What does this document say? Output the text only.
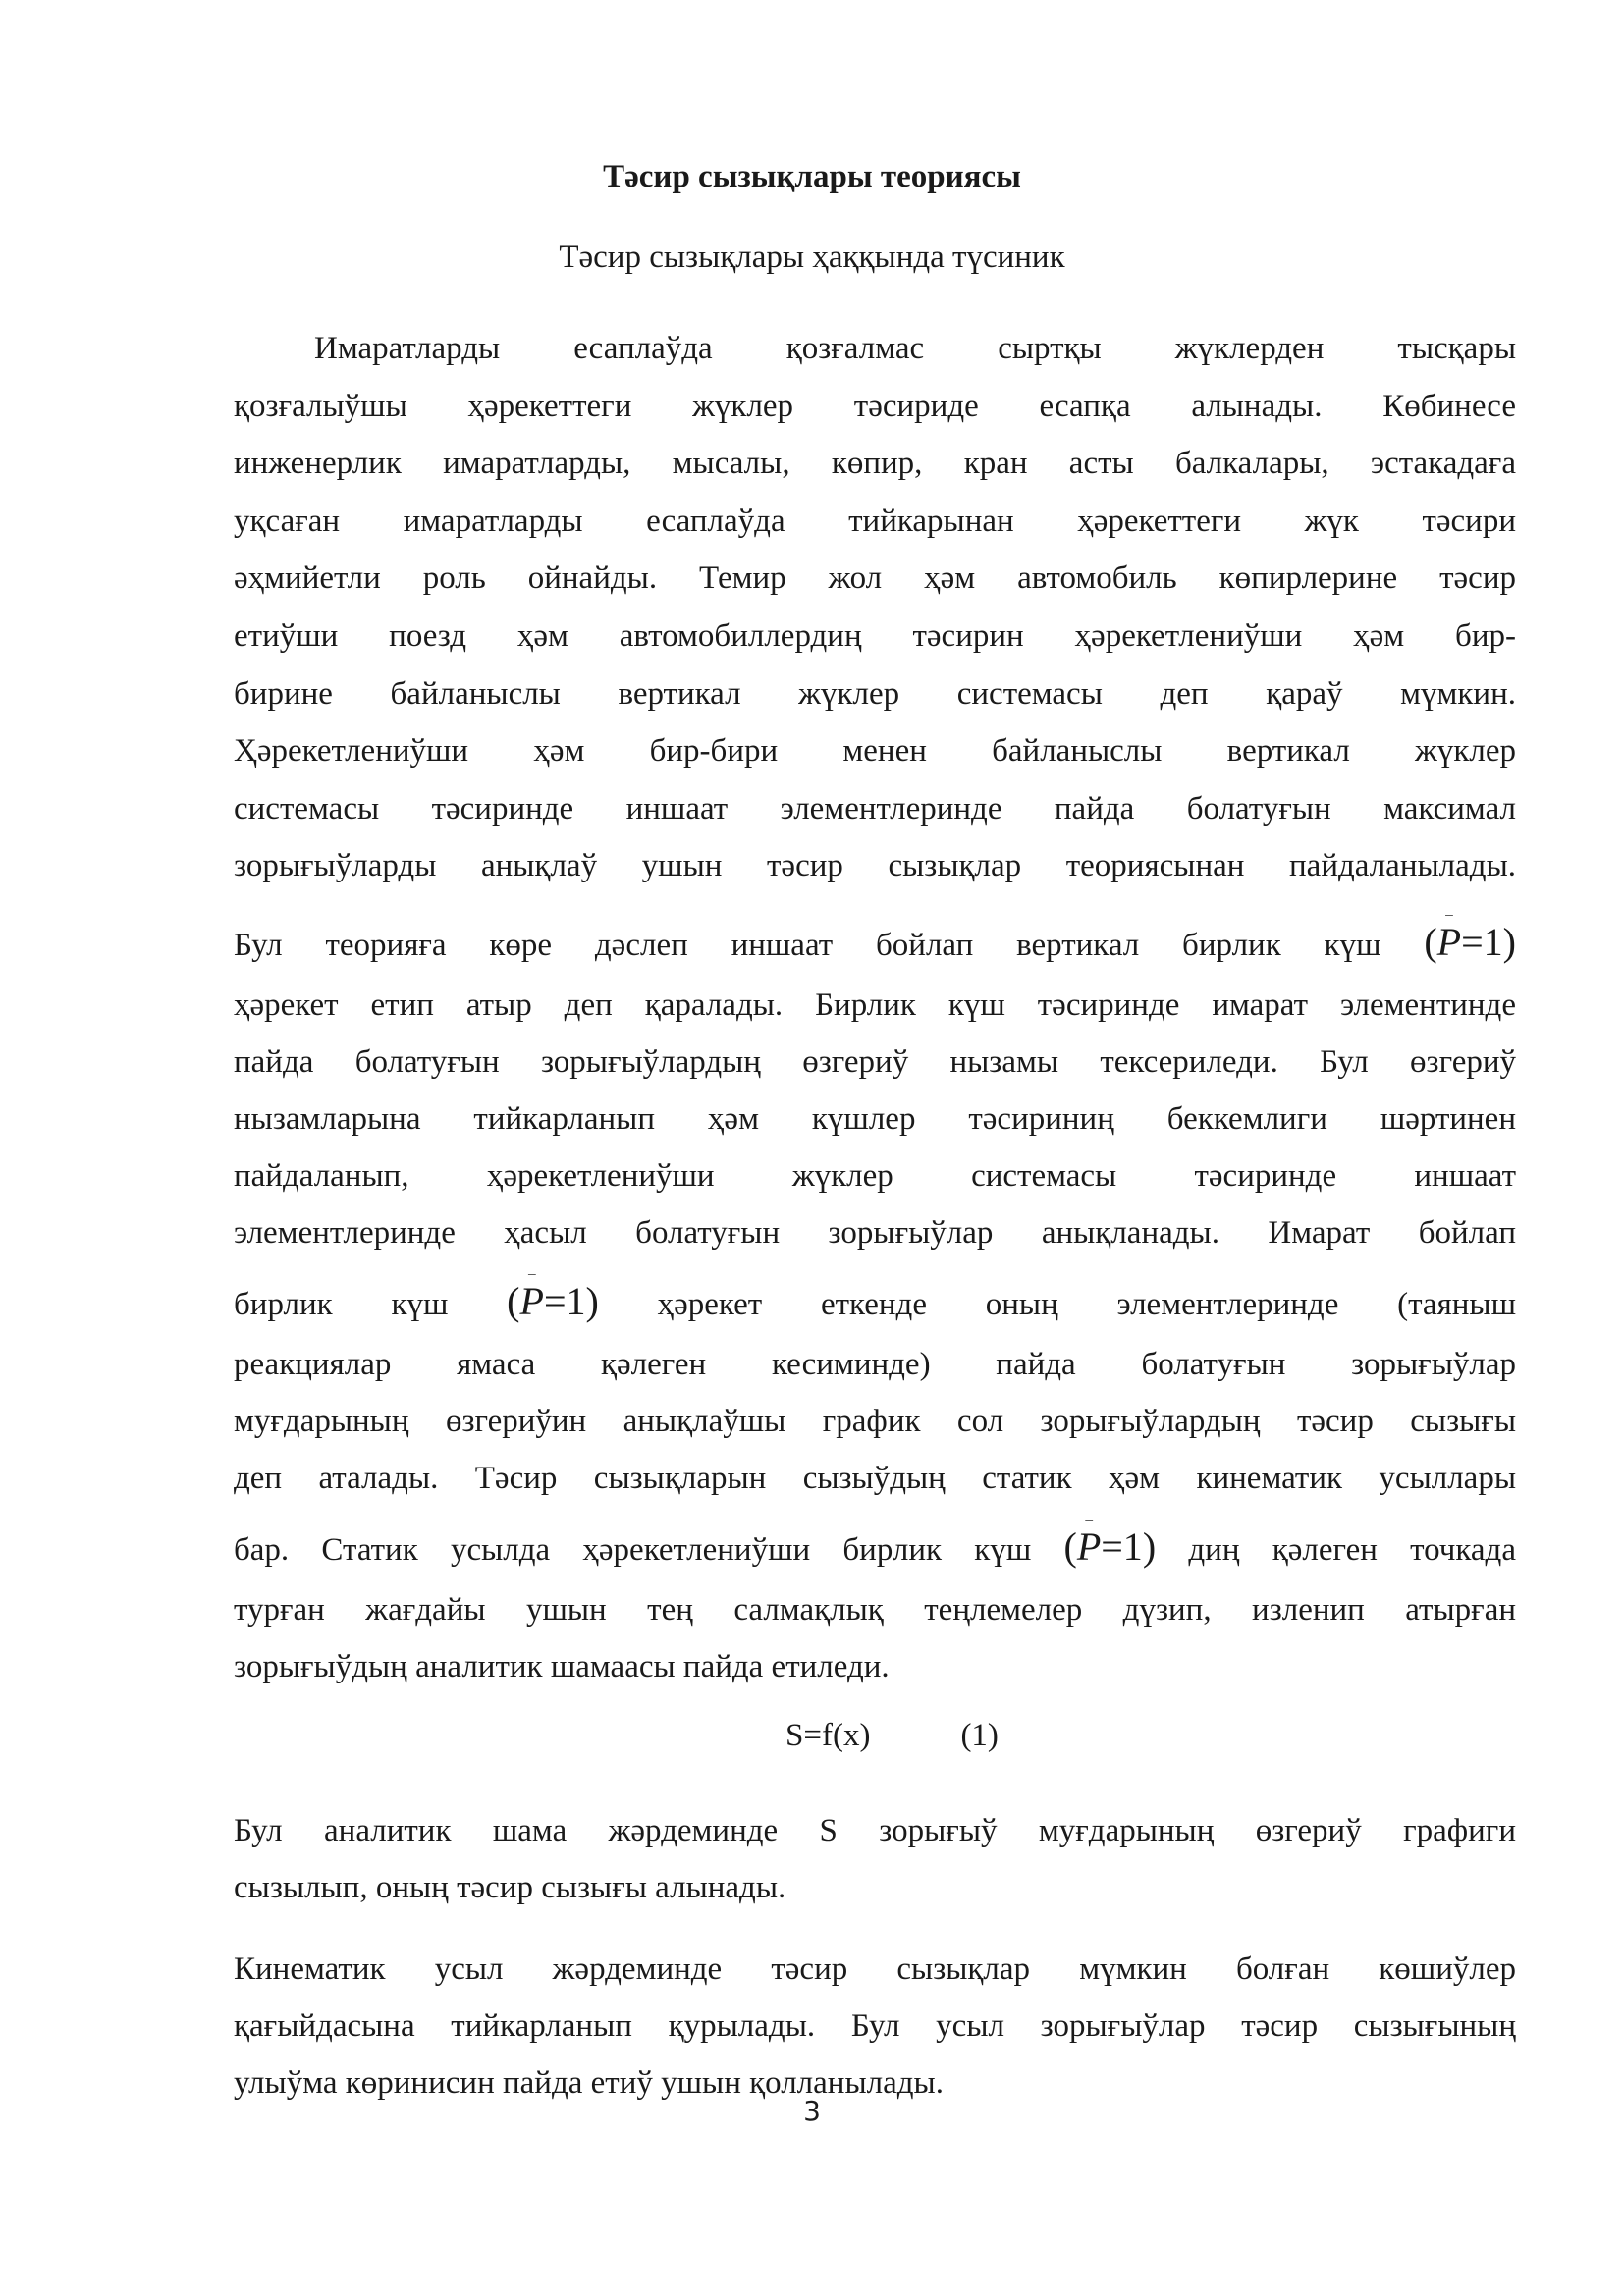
Тәсир сызықлары теориясы
Тәсир сызықлары ҳаққында түсиник
Имаратларды есаплаўда қозғалмас сыртқы жүклерден тысқары
қозғалыўшы ҳәрекеттеги жүклер тәсириде есапқа алынады. Көбинесе
инженерлик имаратларды, мысалы, көпир, кран асты балкалары, эстакадаға
уқсаған имаратларды есаплаўда тийкарынан ҳәрекеттеги жүк тәсири
әҳмийетли роль ойнайды. Темир жол ҳәм автомобиль көпирлерине тәсир
етиўши поезд ҳәм автомобиллердиң тәсирин ҳәрекетлениўши ҳәм бир-
бирине байланыслы вертикал жүклер системасы деп қараў мүмкин.
Ҳәрекетлениўши ҳәм бир-бири менен байланыслы вертикал жүклер
системасы тәсиринде иншаат элементлеринде пайда болатуғын максимал
зорығыўларды анықлаў ушын тәсир сызықлар теориясынан пайдаланылады.
Бул теорияға көре дәслеп иншаат бойлап вертикал бирлик күш (‾ P=1)
ҳәрекет етип атыр деп қаралады. Бирлик күш тәсиринде имарат элементинде
пайда болатуғын зорығыўлардың өзгериў нызамы тексериледи. Бул өзгериў
нызамларына тийкарланып ҳәм күшлер тәсириниң беккемлиги шәртинен
пайдаланып, ҳәрекетлениўши жүклер системасы тәсиринде иншаат
элементлеринде ҳасыл болатуғын зорығыўлар анықланады. Имарат бойлап
бирлик күш (‾ P=1) ҳәрекет еткенде оның элементлеринде (таяныш
реакциялар ямаса қәлеген кесиминде) пайда болатуғын зорығыўлар
муғдарының өзгериўин анықлаўшы график сол зорығыўлардың тәсир сызығы
деп аталады. Тәсир сызықларын сызыўдың статик ҳәм кинематик усыллары
бар. Статик усылда ҳәрекетлениўши бирлик күш (‾ P=1) диң қәлеген точкада
турған жағдайы ушын тең салмақлық теңлемелер дүзип, изленип атырған
зорығыўдың аналитик шамаасы пайда етиледи.
S=f(x)	(1)
Бул аналитик шама жәрдеминде S зорығыў муғдарының өзгериў графиги
сызылып, оның тәсир сызығы алынады.
Кинематик усыл жәрдеминде тәсир сызықлар мүмкин болған көшиўлер
қағыйдасына тийкарланып қурылады. Бул усыл зорығыўлар тәсир сызығының
улыўма көринисин пайда етиў ушын қолланылады.
3
